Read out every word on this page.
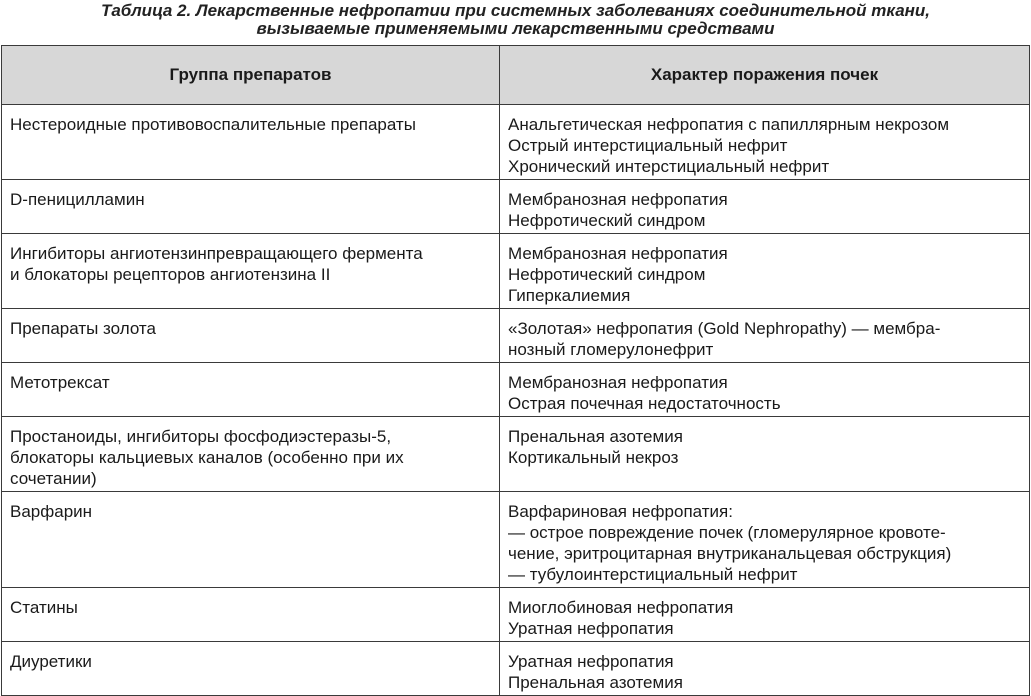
Таблица 2. Лекарственные нефропатии при системных заболеваниях соединительной ткани,
вызываемые применяемыми лекарственными средствами
Группа препаратов	Характер поражения почек

Нестероидные противовоспалительные препараты	Анальгетическая нефропатия с папиллярным некрозом
Острый интерстициальный нефрит
Хронический интерстициальный нефрит

D-пеницилламин	Мембранозная нефропатия
Нефротический синдром

Ингибиторы ангиотензинпревращающего фермента
и блокаторы рецепторов ангиотензина II	Мембранозная нефропатия
Нефротический синдром
Гиперкалиемия

Препараты золота	«Золотая» нефропатия (Gold Nephropathy) — мембра-
нозный гломерулонефрит

Метотрексат	Мембранозная нефропатия
Острая почечная недостаточность

Простаноиды, ингибиторы фосфодиэстеразы-5,
блокаторы кальциевых каналов (особенно при их
сочетании)	Пренальная азотемия
Кортикальный некроз

Варфарин	Варфариновая нефропатия:
— острое повреждение почек (гломерулярное кровоте-
чение, эритроцитарная внутриканальцевая обструкция)
— тубулоинтерстициальный нефрит

Статины	Миоглобиновая нефропатия
Уратная нефропатия

Диуретики	Уратная нефропатия
Пренальная азотемия
